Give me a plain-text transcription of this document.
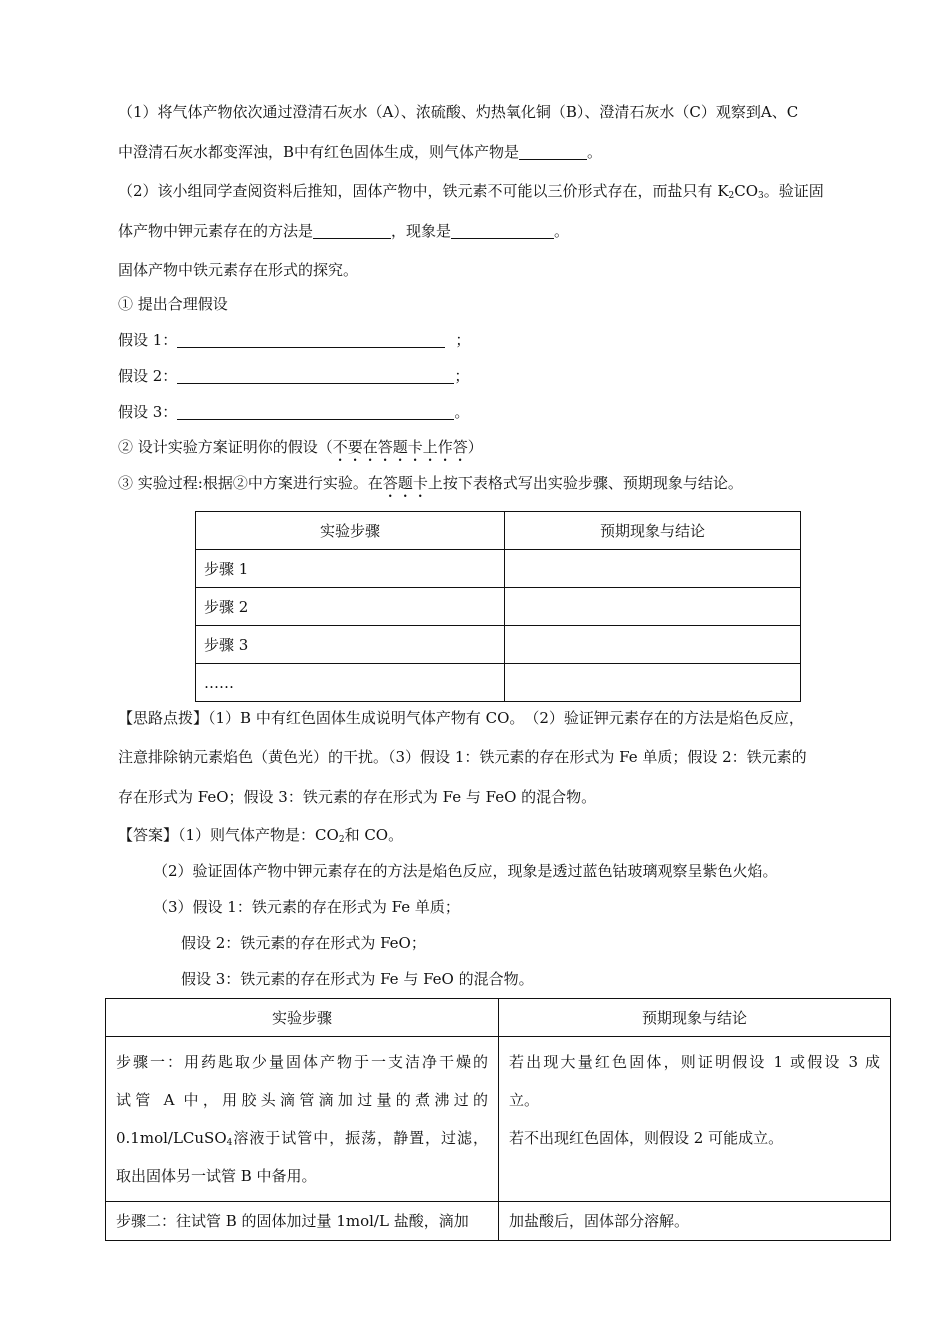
（1）将气体产物依次通过澄清石灰水（A）、浓硫酸、灼热氧化铜（B）、澄清石灰水（C）观察到A、C
中澄清石灰水都变浑浊，B中有红色固体生成，则气体产物是	。
（2）该小组同学查阅资料后推知，固体产物中，铁元素不可能以三价形式存在，而盐只有 $K_2CO_3$。验证固
体产物中钾元素存在的方法是	，现象是	。
固体产物中铁元素存在形式的探究。
① 提出合理假设
假设 1：	；
假设 2：	；
假设 3：	。
② 设计实验方案证明你的假设（不要在答题卡上作答）
③ 实验过程:根据②中方案进行实验。在答题卡上按下表格式写出实验步骤、预期现象与结论。
实验步骤	预期现象与结论
步骤 1	
步骤 2	
步骤 3	
……	
【思路点拨】（1）B 中有红色固体生成说明气体产物有 CO。　（2）验证钾元素存在的方法是焰色反应，
注意排除钠元素焰色（黄色光）的干扰。（3）假设 1：铁元素的存在形式为 Fe 单质；假设 2：铁元素的
存在形式为 FeO；假设 3：铁元素的存在形式为 Fe 与 FeO 的混合物。
【答案】（1）则气体产物是：$CO_2$和 CO。
（2）验证固体产物中钾元素存在的方法是焰色反应，现象是透过蓝色钴玻璃观察呈紫色火焰。
（3）假设 1：铁元素的存在形式为 Fe 单质；
假设 2：铁元素的存在形式为 FeO；
假设 3：铁元素的存在形式为 Fe 与 FeO 的混合物。
实验步骤	预期现象与结论

步骤一：用药匙取少量固体产物于一支洁净干燥的
试管 A 中，用胶头滴管滴加过量的煮沸过的
0.1mol/LCuSO$_4$溶液于试管中，振荡，静置，过滤，
取出固体另一试管 B 中备用。	若出现大量红色固体，则证明假设 1 或假设 3 成
立。
若不出现红色固体，则假设 2 可能成立。

步骤二：往试管 B 的固体加过量 1mol/L 盐酸，滴加	加盐酸后，固体部分溶解。
